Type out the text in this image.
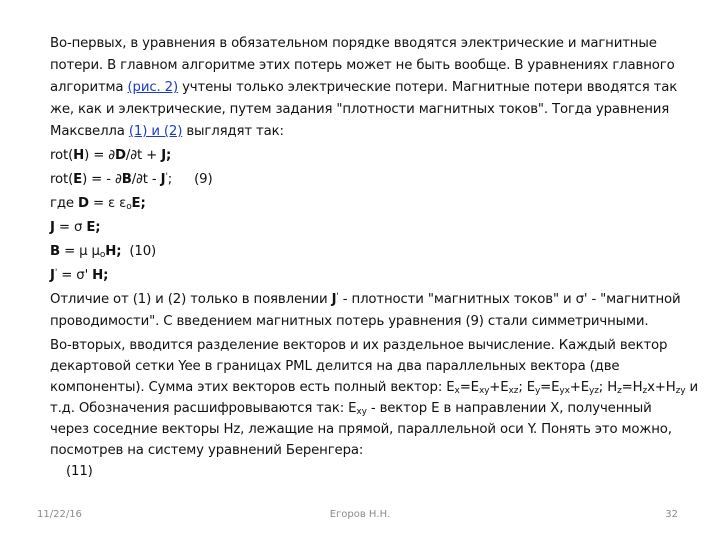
Во-первых, в уравнения в обязательном порядке вводятся электрические и магнитные
потери. В главном алгоритме этих потерь может не быть вообще. В уравнениях главного
алгоритма (рис. 2) учтены только электрические потери. Магнитные потери вводятся так
же, как и электрические, путем задания "плотности магнитных токов". Тогда уравнения
Максвелла (1) и (2) выглядят так:
rot(H) = ∂D/∂t + J;
rot(E) = - ∂B/∂t - J'; (9)
где D = ε $\varepsilon_oE$;
J = σ E;
B = μ $\mu_oH$; (10)
J' = σ' H;
Отличие от (1) и (2) только в появлении J' - плотности "магнитных токов" и σ' - "магнитной
проводимости". С введением магнитных потерь уравнения (9) стали симметричными.
Во-вторых, вводится разделение векторов и их раздельное вычисление. Каждый вектор
декартовой сетки Yee в границах PML делится на два параллельных вектора (две
компоненты). Сумма этих векторов есть полный вектор: $E_x=E_{xy}+E_{xz}$; $E_y=E_{yx}+E_{yz}$; $H_z=H_zx+H_{zy}$ и
т.д. Обозначения расшифровываются так: $E_{xy}$ - вектор E в направлении X, полученный
через соседние векторы Hz, лежащие на прямой, параллельной оси Y. Понять это можно,
посмотрев на систему уравнений Беренгера:
(11)
11/22/16	Егоров Н.Н.	32
